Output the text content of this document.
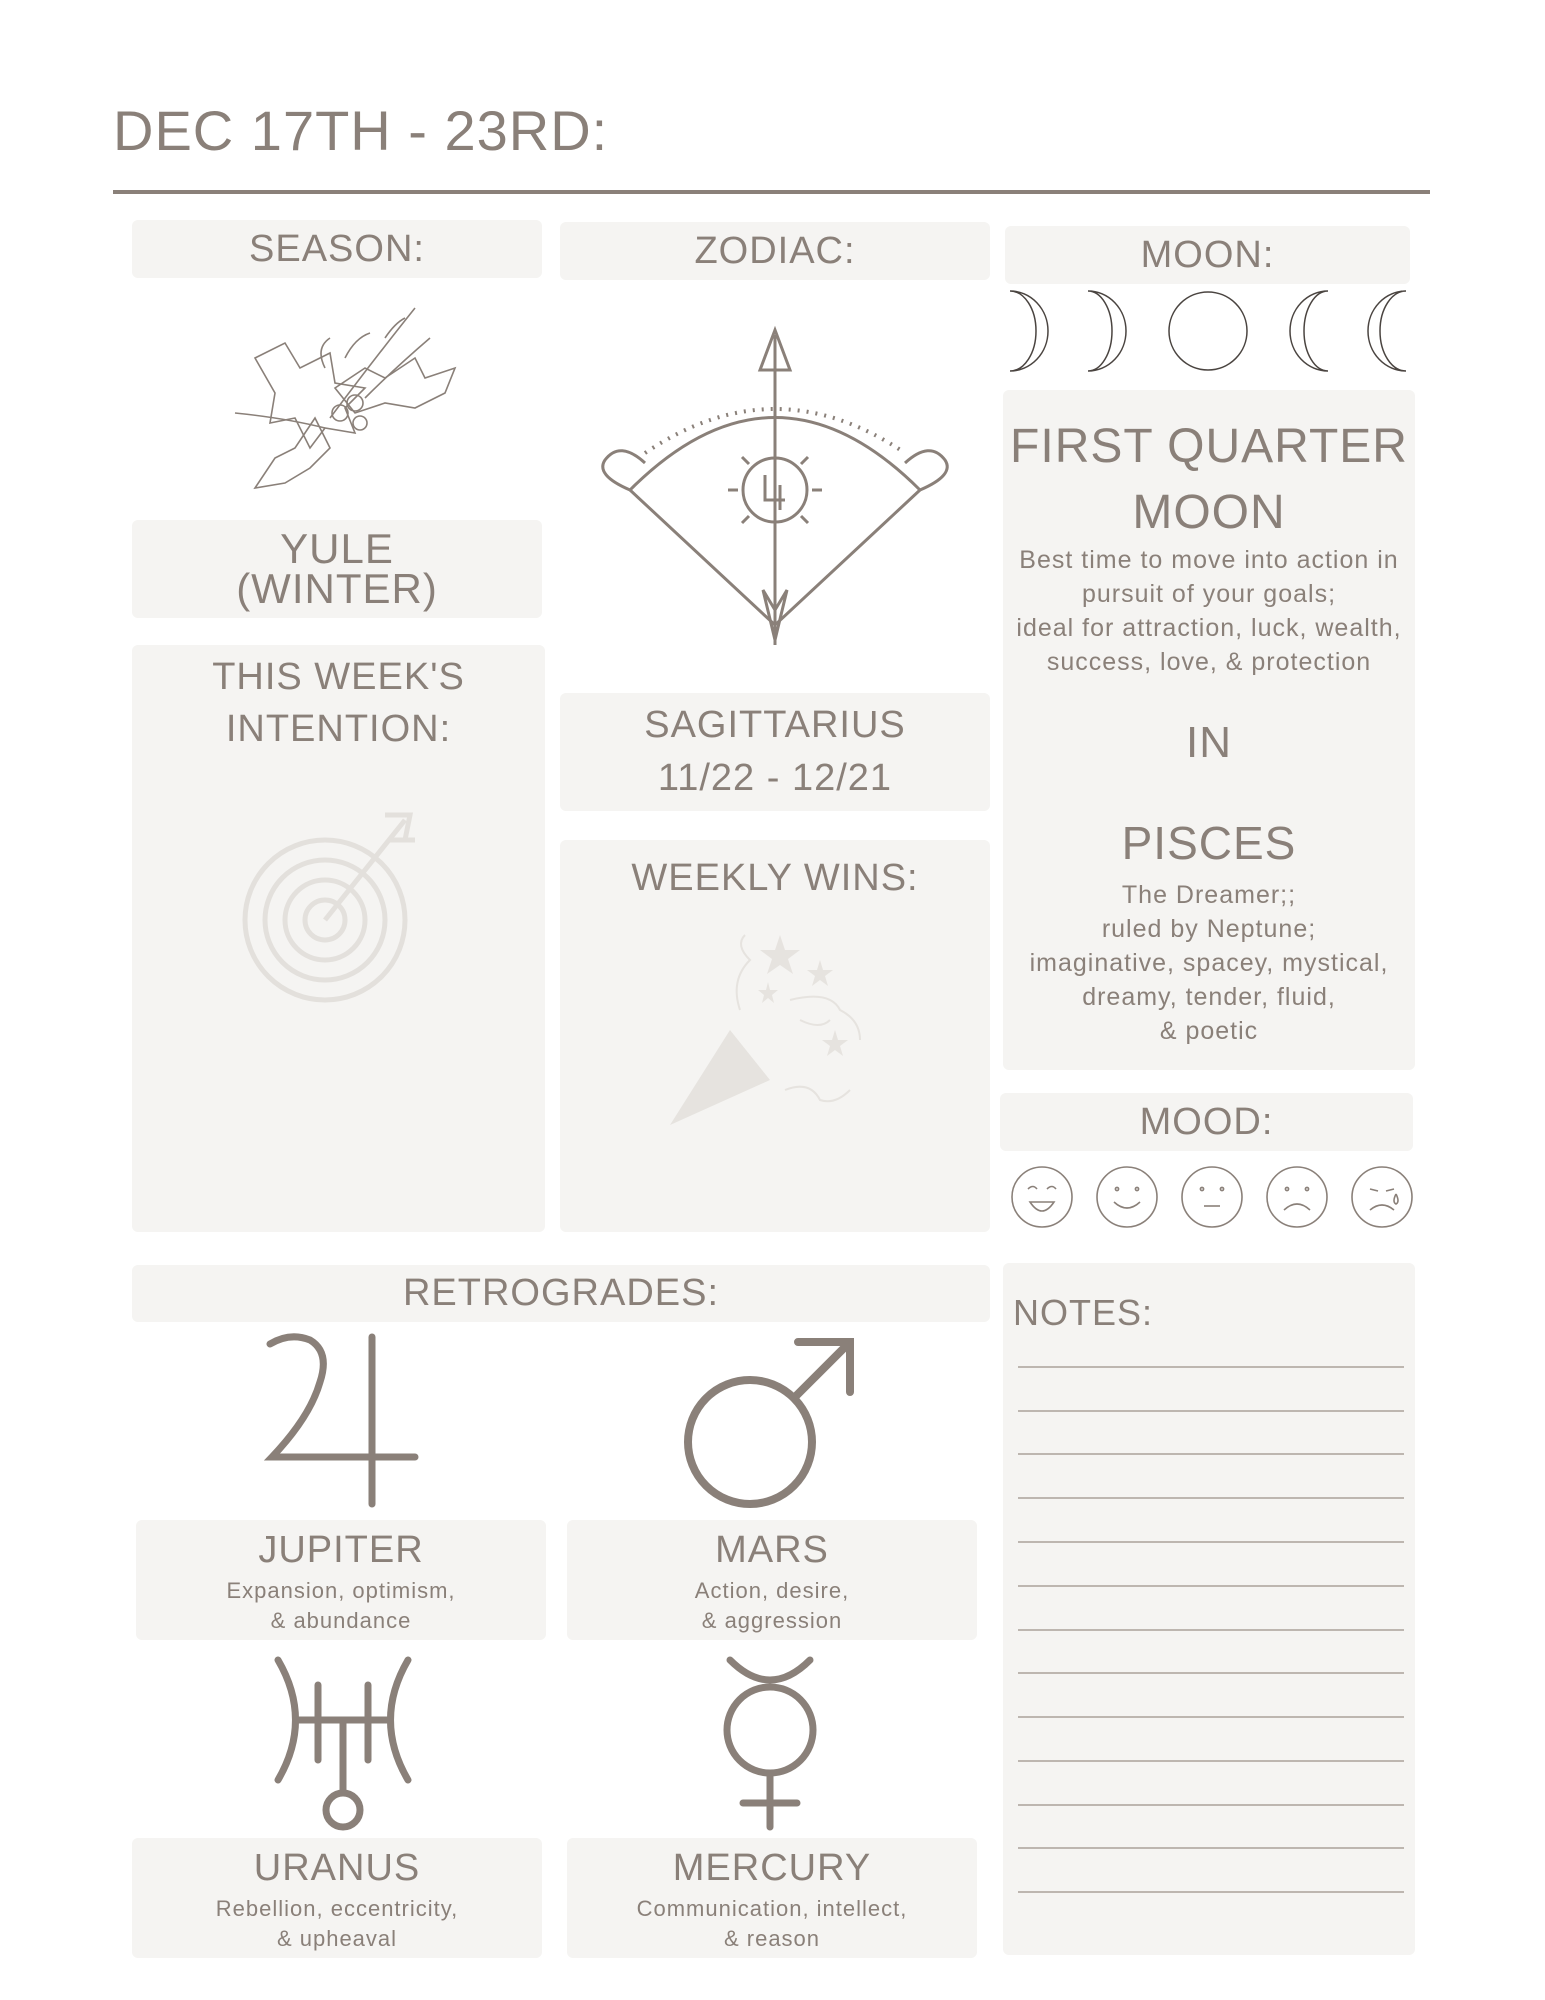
DEC 17TH - 23RD:
SEASON:
YULE
(WINTER)
THIS WEEK'S
INTENTION:
ZODIAC:
SAGITTARIUS
11/22 - 12/21
WEEKLY WINS:
MOON:
FIRST QUARTER
MOON
Best time to move into action in
pursuit of your goals;
ideal for attraction, luck, wealth,
success, love, & protection
IN
PISCES
The Dreamer;;
ruled by Neptune;
imaginative, spacey, mystical,
dreamy, tender, fluid,
& poetic
MOOD:
RETROGRADES:
JUPITER
Expansion, optimism,
& abundance
MARS
Action, desire,
& aggression
URANUS
Rebellion, eccentricity,
& upheaval
MERCURY
Communication, intellect,
& reason
NOTES:
